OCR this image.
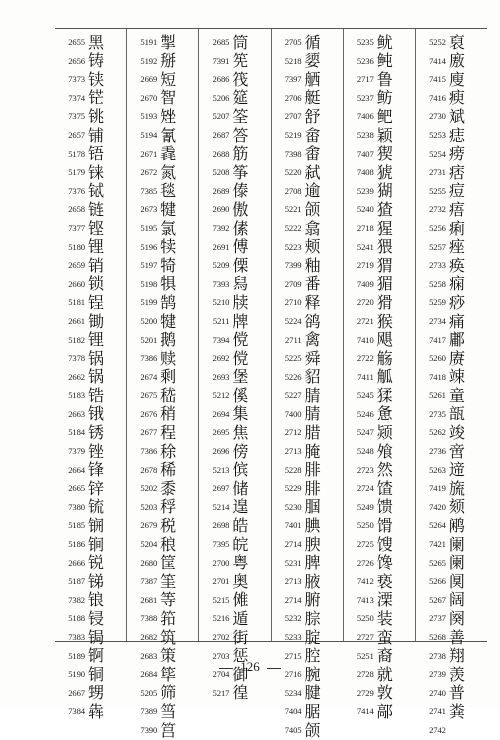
2655 黑
2656 铸
7373 铗
7374 铓
7375 铫
2657 铺
5178 铻
5179 铼
7376 铽
2658 链
7377 铿
5180 锂
2659 销
2660 锁
5181 锃
2661 锄
5182 锂
7378 锅
2662 锅
5183 锆
2663 锇
5184 锈
7379 锉
2664 锋
2665 锌
7380 锍
5185 锎
5186 锏
2666 锐
5187 锑
7382 锒
5188 锓
7383 锔
5189 锕
5190 铜
2667 甥
7384 犇
5191 掣
5192 掰
2669 短
2670 智
5193 矬
5194 氰
2671 毳
2672 氮
7385 毯
2673 犍
5195 氯
5196 犊
5197 犄
5198 犋
5199 鹄
5200 犍
5201 鹅
7386 赎
2674 剩
2675 嵇
2676 稍
2677 程
7386 稌
2678 稀
5202 黍
5203 稃
2679 税
5204 稂
2680 筐
7387 筀
2681 等
7388 筘
2682 筑
2683 策
2684 筚
5205 筛
7389 筜
7390 筥
2685 筒
7391 筅
2686 筏
5206 筵
5207 筌
2687 答
2688 筋
5208 筝
2689 傣
2690 傲
7392 傃
2691 傅
5209 傈
7393 舄
5210 牍
5211 牌
7394 傥
2692 傥
2693 堡
5212 傒
2694 集
2695 焦
2696 傍
5213 傧
2697 储
5214 遑
2698 皓
7395 皖
2700 粤
2701 奥
5215 傩
5216 遁
2702 街
2703 惩
2704 御
5217 徨
2705 循
5218 媭
7397 舾
2706 艇
2707 舒
5219 畲
7398 畬
5220 弑
2708 逾
5221 颌
5222 翕
5223 颊
7399 釉
2709 番
2710 释
5224 鹆
2711 禽
5225 舜
5226 貂
5227 腈
7400 腈
2712 腊
2713 腌
5228 腓
5229 腓
5230 腘
7401 腆
2714 腴
5231 脾
2713 腋
2714 腑
5232 腙
5233 腚
2715 腔
2716 腕
5234 腱
7404 腒
7405 颌
5235 鱿
5236 鲀
2717 鲁
5237 鲂
7406 鲃
5238 颖
7407 猰
7408 猇
5239 猢
5240 猹
2718 猩
5241 猥
2719 猬
7409 猸
2720 猾
2721 猴
7410 飓
2722 觞
7411 觚
5245 猱
5246 惫
5247 颎
5248 飧
2723 然
2724 馇
5249 馈
5250 馉
2725 馊
2726 馋
7412 亵
7413 溧
5250 装
2727 蛮
5251 裔
2728 就
2729 敦
7414 鄗
5252 裒
7414 廒
7415 廋
7416 瘐
2730 斌
5253 痣
5254 痨
2731 痞
5255 痘
2732 痦
5256 痢
5257 痤
2733 痪
5258 痫
5259 痧
2734 痛
7417 鄘
5260 赓
7418 竦
5261 童
2735 瓿
5262 竣
2736 啻
5263 遆
7419 旒
7420 颏
5264 鹇
7421 阑
5265 阑
5266 阒
5267 阔
2737 阕
5268 善
2738 翔
2739 羡
2740 普
2741 粪
2742
126
